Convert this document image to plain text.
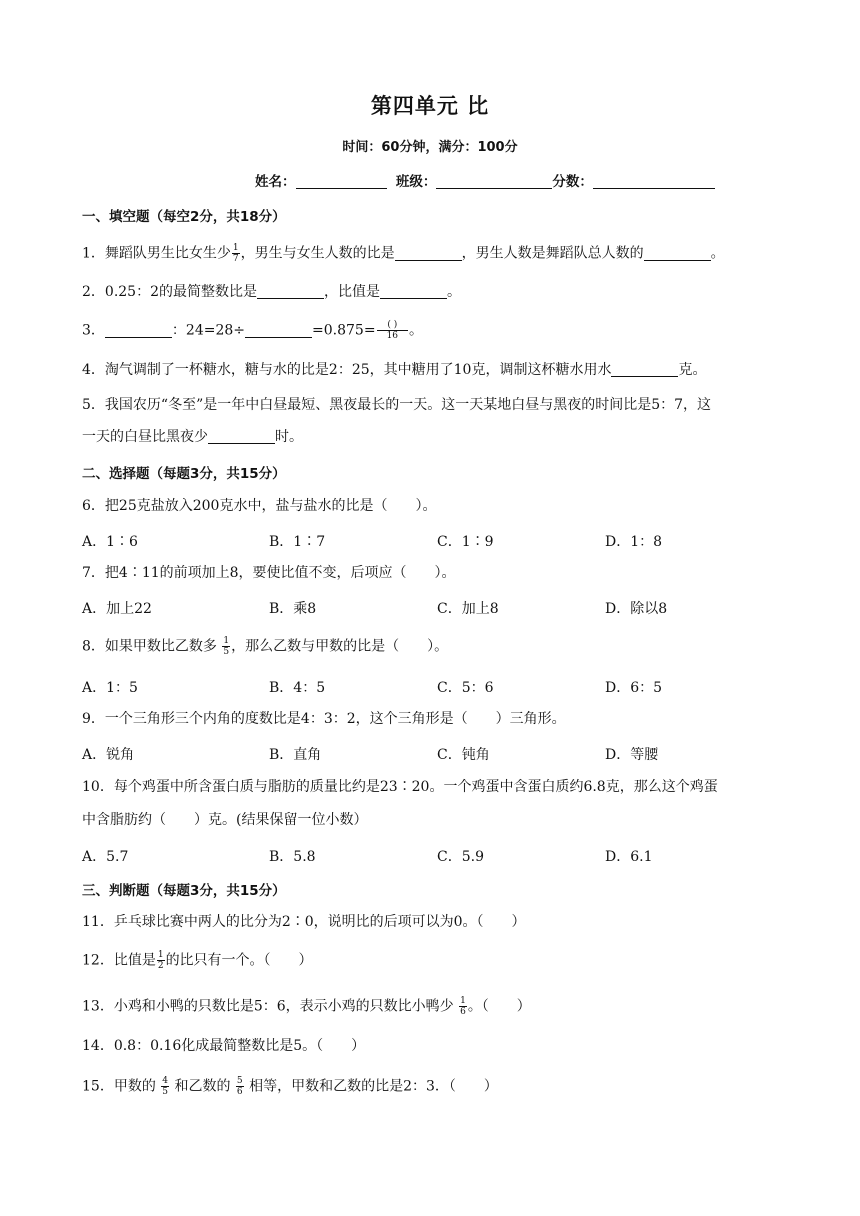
第四单元 比
时间：60分钟，满分：100分
姓名：	班级：	分数：
一、填空题（每空2分，共18分）
1．舞蹈队男生比女生少 $\frac{1}{7}$ ，男生与女生人数的比是	，男生人数是舞蹈队总人数的	。
2．0.25：2的最简整数比是	，比值是	。
3．	：24=28÷	$=0.875= \frac{( )}{16}$ 。
4．淘气调制了一杯糖水，糖与水的比是2：25，其中糖用了10克，调制这杯糖水用水	克。
5．我国农历“冬至”是一年中白昼最短、黑夜最长的一天。这一天某地白昼与黑夜的时间比是5：7，这
一天的白昼比黑夜少	时。
二、选择题（每题3分，共15分）
6．把25克盐放入200克水中，盐与盐水的比是（　　）。
A．1∶6	B．1∶7	C．1∶9	D．1：8
7．把4∶11的前项加上8，要使比值不变，后项应（　　）。
A．加上22	B．乘8	C．加上8	D．除以8
8．如果甲数比乙数多 $\frac{1}{5}$ ，那么乙数与甲数的比是（　　）。
A．1：5	B．4：5	C．5：6	D．6：5
9．一个三角形三个内角的度数比是4：3：2，这个三角形是（　　）三角形。
A．锐角	B．直角	C．钝角	D．等腰
10．每个鸡蛋中所含蛋白质与脂肪的质量比约是23∶20。一个鸡蛋中含蛋白质约6.8克，那么这个鸡蛋
中含脂肪约（　　）克。(结果保留一位小数）
A．5.7	B．5.8	C．5.9	D．6.1
三、判断题（每题3分，共15分）
11．乒乓球比赛中两人的比分为2∶0，说明比的后项可以为0。（　　）
12．比值是 $\frac{1}{2}$ 的比只有一个。（　　）
13．小鸡和小鸭的只数比是5：6，表示小鸡的只数比小鸭少 $\frac{1}{6}$ 。（　　）
14．0.8：0.16化成最简整数比是5。（　　）
15．甲数的 $\frac{4}{5}$ 和乙数的 $\frac{5}{6}$ 相等，甲数和乙数的比是2：3．（　　）
